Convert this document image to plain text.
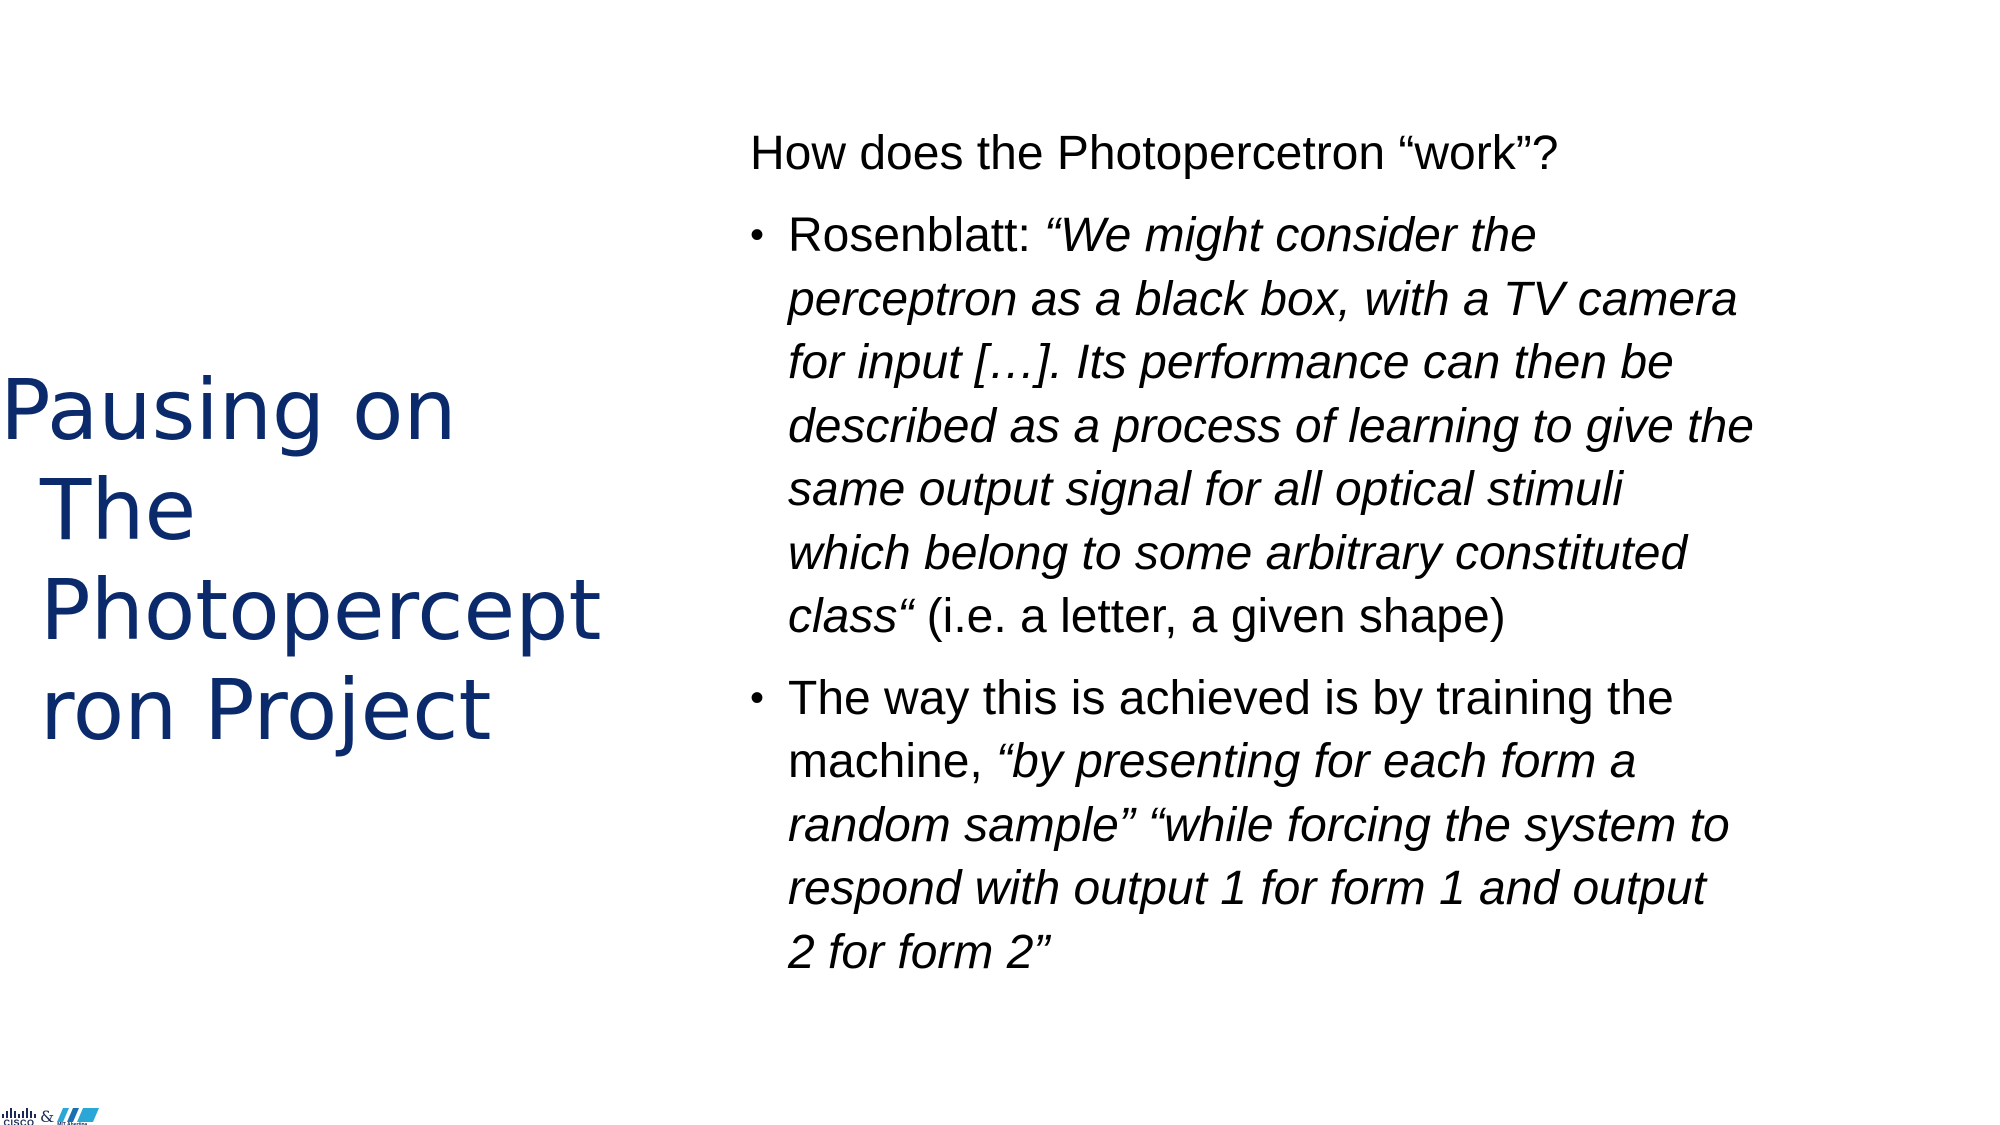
Pausing on
The
Photopercept
ron Project

How does the Photopercetron “work”?

• Rosenblatt: “We might consider the
perceptron as a black box, with a TV camera
for input […]. Its performance can then be
described as a process of learning to give the
same output signal for all optical stimuli
which belong to some arbitrary constituted
class“ (i.e. a letter, a given shape)
• The way this is achieved is by training the
machine, “by presenting for each form a
random sample” “while forcing the system to
respond with output 1 for form 1 and output
2 for form 2”
CISCO & MIT Abertina
